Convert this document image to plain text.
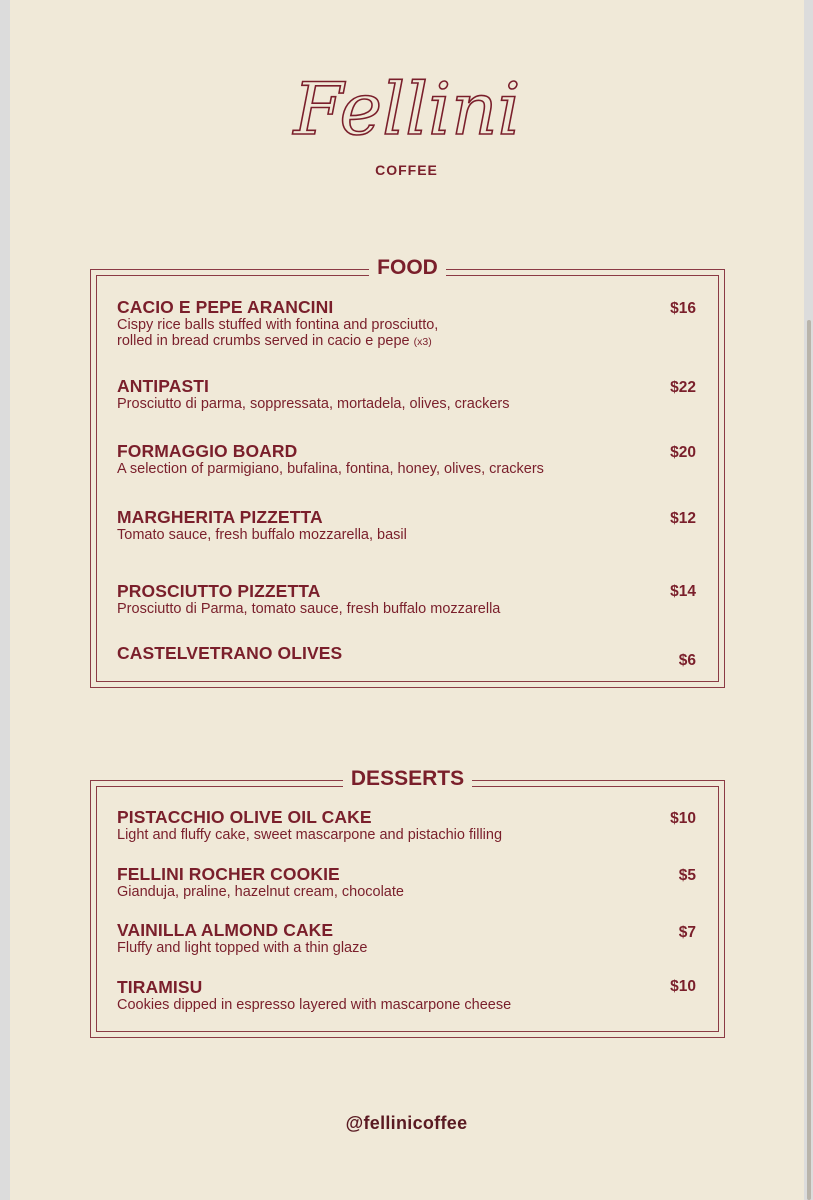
Fellini
COFFEE
FOOD
CACIO E PEPE ARANCINI
Cispy rice balls stuffed with fontina and prosciutto,
rolled in bread crumbs served in cacio e pepe (x3)
$16
ANTIPASTI
Prosciutto di parma, soppressata, mortadela, olives, crackers
$22
FORMAGGIO BOARD
A selection of parmigiano, bufalina, fontina, honey, olives, crackers
$20
MARGHERITA PIZZETTA
Tomato sauce, fresh buffalo mozzarella, basil
$12
PROSCIUTTO PIZZETTA
Prosciutto di Parma, tomato sauce, fresh buffalo mozzarella
$14
CASTELVETRANO OLIVES	$6
DESSERTS
PISTACCHIO OLIVE OIL CAKE
Light and fluffy cake, sweet mascarpone and pistachio filling
$10
FELLINI ROCHER COOKIE
Gianduja, praline, hazelnut cream, chocolate
$5
VAINILLA ALMOND CAKE
Fluffy and light topped with a thin glaze
$7
TIRAMISU
Cookies dipped in espresso layered with mascarpone cheese
$10
@fellinicoffee
